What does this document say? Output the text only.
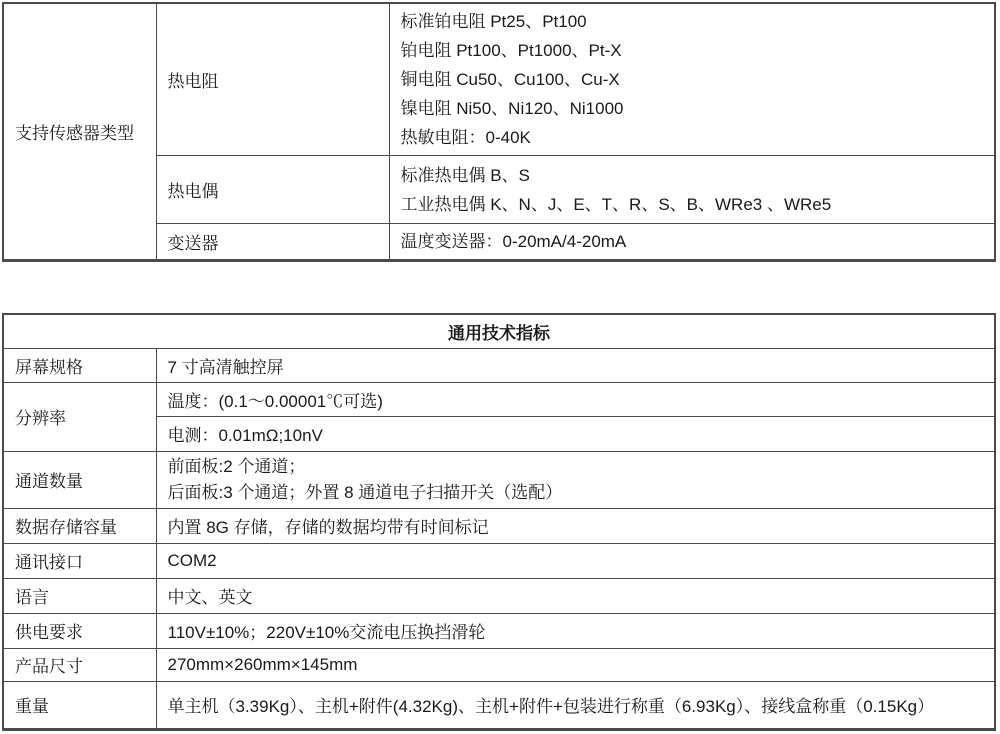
支持传感器类型	热电阻	标准铂电阻 Pt25、Pt100
铂电阻 Pt100、Pt1000、Pt-X
铜电阻 Cu50、Cu100、Cu-X
镍电阻 Ni50、Ni120、Ni1000
热敏电阻：0-40K

	热电偶	标准热电偶 B、S
工业热电偶 K、N、J、E、T、R、S、B、WRe3 、WRe5

	变送器	温度变送器：0-20mA/4-20mA
通用技术指标	
屏幕规格	7 寸高清触控屏
分辨率	温度：(0.1～0.00001℃可选)
	电测：0.01mΩ;10nV
通道数量	前面板:2 个通道；
后面板:3 个通道；外置 8 通道电子扫描开关（选配）

数据存储容量	内置 8G 存储，存储的数据均带有时间标记
通讯接口	COM2
语言	中文、英文
供电要求	110V±10%；220V±10%交流电压换挡滑轮
产品尺寸	270mm×260mm×145mm
重量	单主机（3.39Kg）、主机+附件(4.32Kg)、主机+附件+包装进行称重（6.93Kg）、接线盒称重（0.15Kg）
